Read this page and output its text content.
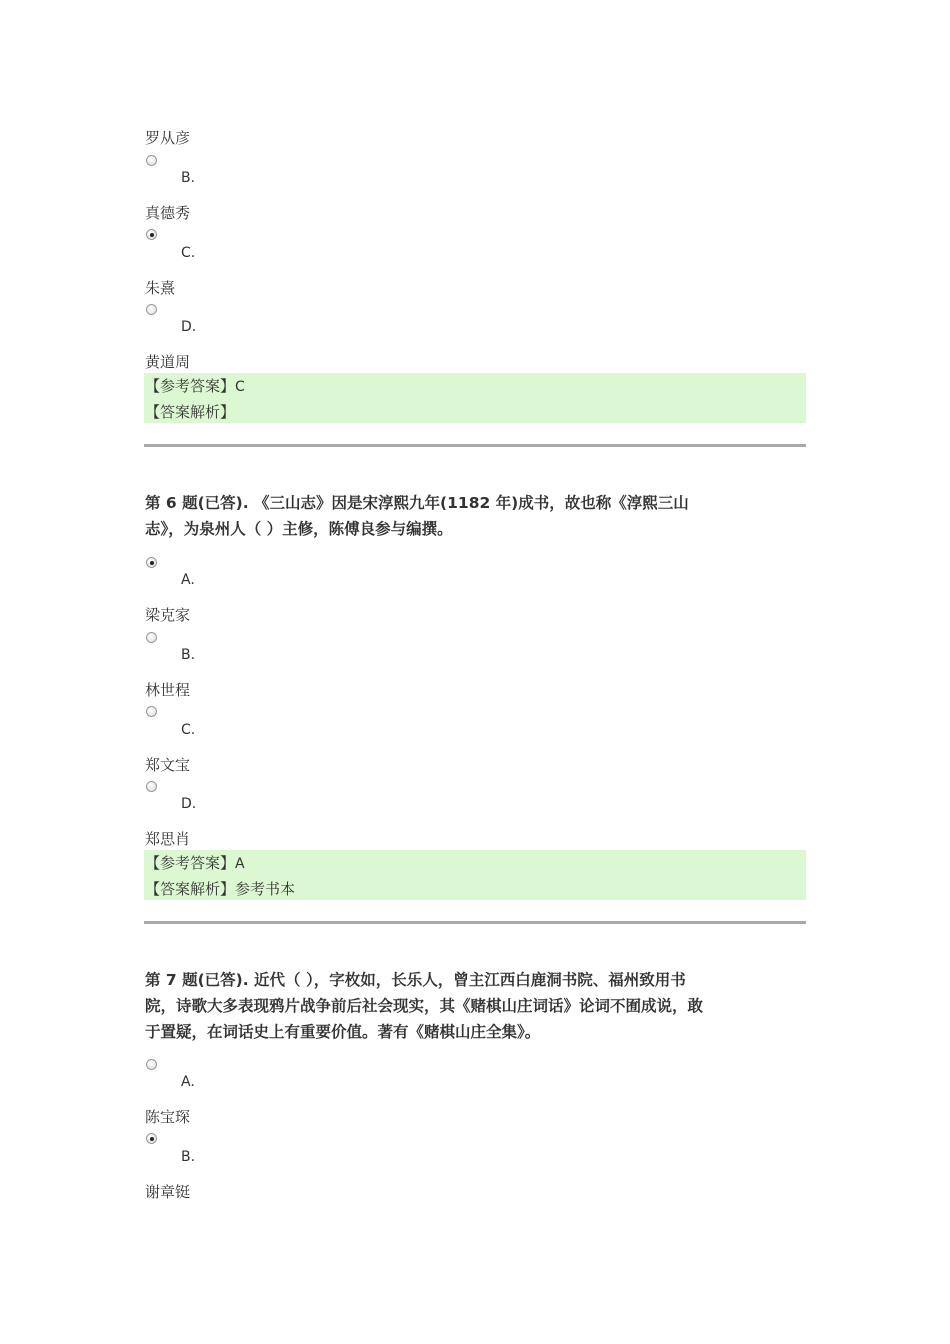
罗从彦
B.
真德秀
C.
朱熹
D.
黄道周
【参考答案】C
【答案解析】
第 6 题(已答). 《三山志》因是宋淳熙九年(1182 年)成书，故也称《淳熙三山
志》，为泉州人（ ）主修，陈傅良参与编撰。
A.
梁克家
B.
林世程
C.
郑文宝
D.
郑思肖
【参考答案】A
【答案解析】参考书本
第 7 题(已答). 近代（ ），字枚如，长乐人，曾主江西白鹿洞书院、福州致用书
院，诗歌大多表现鸦片战争前后社会现实，其《赌棋山庄词话》论词不囿成说，敢
于置疑，在词话史上有重要价值。著有《赌棋山庄全集》。
A.
陈宝琛
B.
谢章铤
